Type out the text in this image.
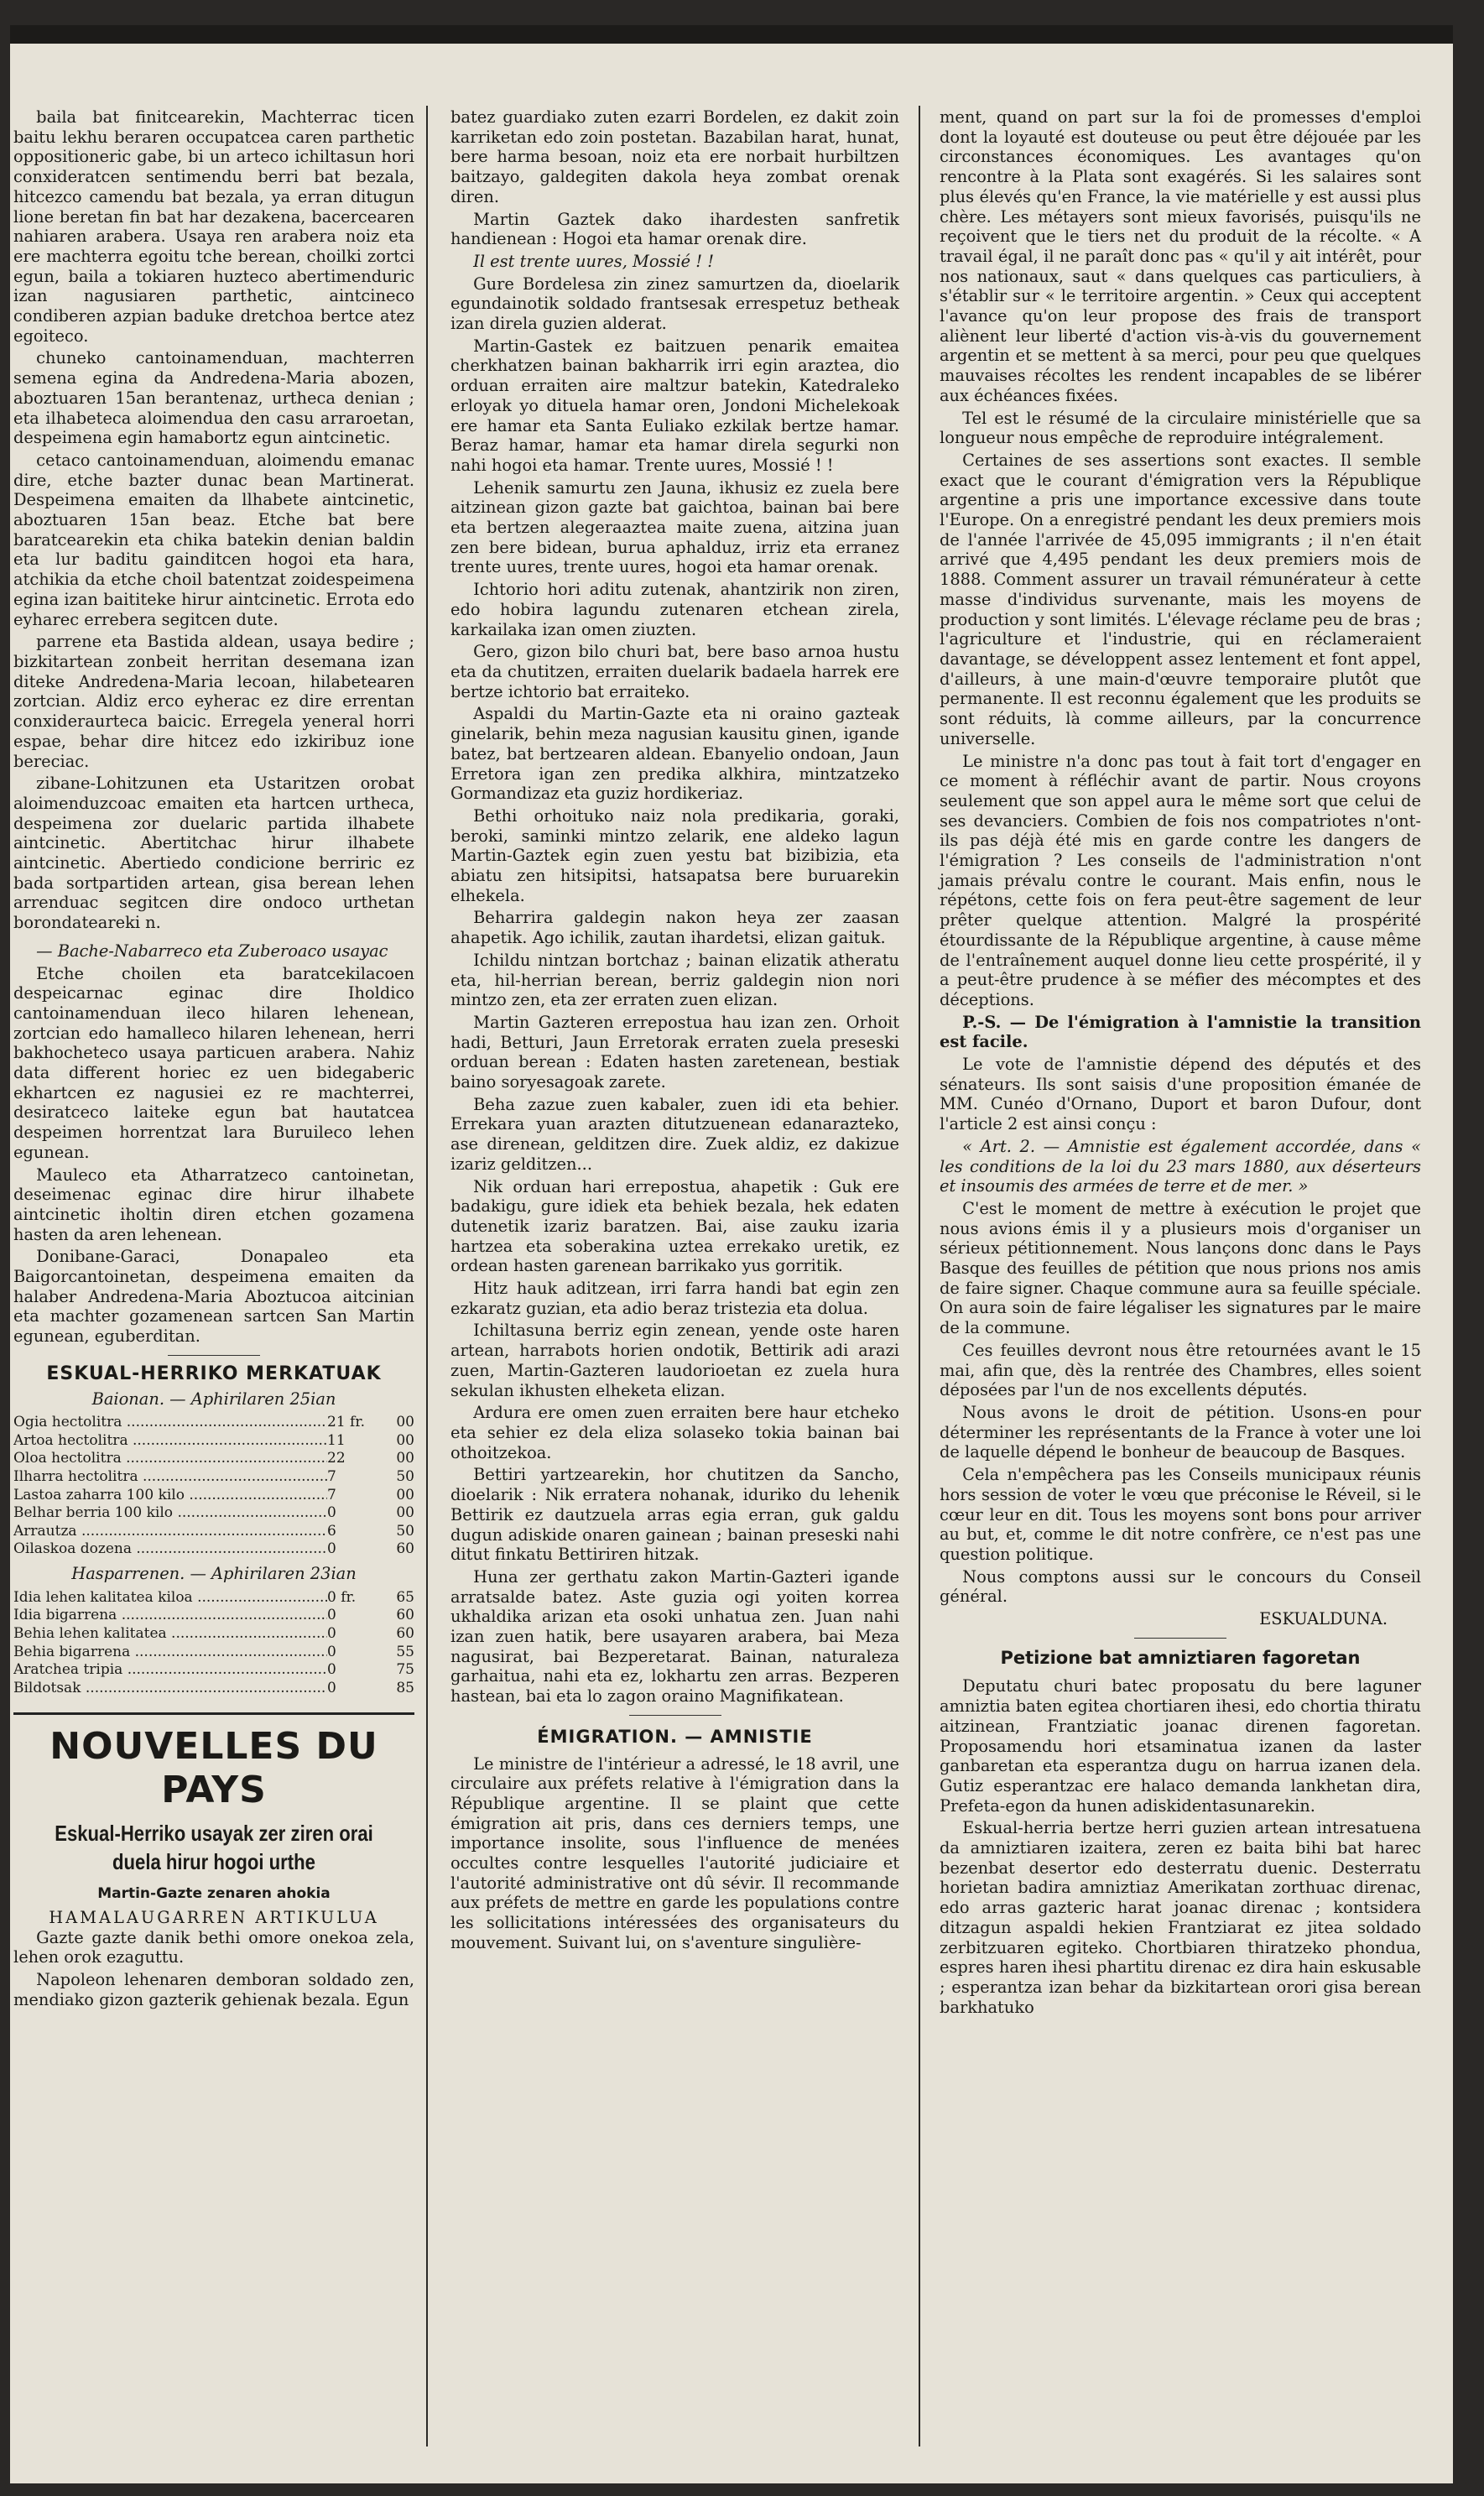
baila bat finitcearekin, Machterrac ticen baitu lekhu beraren occupatcea caren parthetic oppositioneric gabe, bi un arteco ichiltasun hori conxideratcen sentimendu berri bat bezala, hitcezco camendu bat bezala, ya erran ditugun lione beretan fin bat har dezakena, bacercearen nahiaren arabera. Usaya ren arabera noiz eta ere machterra egoitu tche berean, choilki zortci egun, baila a tokiaren huzteco abertimenduric izan nagusiaren parthetic, aintcineco condiberen azpian baduke dretchoa bertce atez egoiteco.

chuneko cantoinamenduan, machterren semena egina da Andredena-Maria abozen, aboztuaren 15an berantenaz, urtheca denian ; eta ilhabeteca aloimendua den casu arraroetan, despeimena egin hamabortz egun aintcinetic.

cetaco cantoinamenduan, aloimendu emanac dire, etche bazter dunac bean Martinerat. Despeimena emaiten da llhabete aintcinetic, aboztuaren 15an beaz. Etche bat bere baratcearekin eta chika batekin denian baldin eta lur baditu gainditcen hogoi eta hara, atchikia da etche choil batentzat zoidespeimena egina izan baititeke hirur aintcinetic. Errota edo eyharec errebera segitcen dute.

parrene eta Bastida aldean, usaya bedire ; bizkitartean zonbeit herritan desemana izan diteke Andredena-Maria lecoan, hilabetearen zortcian. Aldiz erco eyherac ez dire errentan conxideraurteca baicic. Erregela yeneral horri espae, behar dire hitcez edo izkiribuz ione bereciac.

zibane-Lohitzunen eta Ustaritzen orobat aloimenduzcoac emaiten eta hartcen urtheca, despeimena zor duelaric partida ilhabete aintcinetic. Abertitchac hirur ilhabete aintcinetic. Abertiedo condicione berriric ez bada sortpartiden artean, gisa berean lehen arrenduac segitcen dire ondoco urthetan borondateareki n.

— Bache-Nabarreco eta Zuberoaco usayac

Etche choilen eta baratcekilacoen despeicarnac eginac dire Iholdico cantoinamenduan ileco hilaren lehenean, zortcian edo hamalleco hilaren lehenean, herri bakhocheteco usaya particuen arabera. Nahiz data different horiec ez uen bidegaberic ekhartcen ez nagusiei ez re machterrei, desiratceco laiteke egun bat hautatcea despeimen horrentzat lara Buruileco lehen egunean.

Mauleco eta Atharratzeco cantoinetan, deseimenac eginac dire hirur ilhabete aintcinetic iholtin diren etchen gozamena hasten da aren lehenean.

Donibane-Garaci, Donapaleo eta Baigorcantoinetan, despeimena emaiten da halaber Andredena-Maria Aboztucoa aitcinian eta machter gozamenean sartcen San Martin egunean, eguberditan.

ESKUAL-HERRIKO MERKATUAK
Baionan. — Aphirilaren 25ian
Ogia hectolitra .....	21 fr. 00
Artoa hectolitra .....	11	00
Oloa hectolitra .....	22	00
Ilharra hectolitra .....	7	50
Lastoa zaharra 100 kilo .....	7	00
Belhar berria 100 kilo .....	0	00
Arrautza .....	6	50
Oilaskoa dozena .....	0	60
Hasparrenen. — Aphirilaren 23ian
Idia lehen kalitatea kiloa .....	0 fr.	65
Idia bigarrena .....	0	60
Behia lehen kalitatea .....	0	60
Behia bigarrena .....	0	55
Aratchea tripia .....	0	75
Bildotsak .....	0	85
NOUVELLES DU PAYS
Eskual-Herriko usayak zer ziren orai duela hirur hogoi urthe
Martin-Gazte zenaren ahokia
HAMALAUGARREN ARTIKULUA

Gazte gazte danik bethi omore onekoa zela, lehen orok ezaguttu.

Napoleon lehenaren demboran soldado zen, mendiako gizon gazterik gehienak bezala. Egun

batez guardiako zuten ezarri Bordelen, ez dakit zoin karriketan edo zoin postetan. Bazabilan harat, hunat, bere harma besoan, noiz eta ere norbait hurbiltzen baitzayo, galdegiten dakola heya zombat orenak diren.

Martin Gaztek dako ihardesten sanfretik handienean : Hogoi eta hamar orenak dire.

Il est trente uures, Mossié ! !

Gure Bordelesa zin zinez samurtzen da, dioelarik egundainotik soldado frantsesak errespetuz betheak izan direla guzien alderat.

Martin-Gastek ez baitzuen penarik emaitea cherkhatzen bainan bakharrik irri egin araztea, dio orduan erraiten aire maltzur batekin, Katedraleko erloyak yo dituela hamar oren, Jondoni Michelekoak ere hamar eta Santa Euliako ezkilak bertze hamar. Beraz hamar, hamar eta hamar direla segurki non nahi hogoi eta hamar. Trente uures, Mossié ! !

Lehenik samurtu zen Jauna, ikhusiz ez zuela bere aitzinean gizon gazte bat gaichtoa, bainan bai bere eta bertzen alegeraaztea maite zuena, aitzina juan zen bere bidean, burua aphalduz, irriz eta erranez trente uures, trente uures, hogoi eta hamar orenak.

Ichtorio hori aditu zutenak, ahantzirik non ziren, edo hobira lagundu zutenaren etchean zirela, karkailaka izan omen ziuzten.

Gero, gizon bilo churi bat, bere baso arnoa hustu eta da chutitzen, erraiten duelarik badaela harrek ere bertze ichtorio bat erraiteko.

Aspaldi du Martin-Gazte eta ni oraino gazteak ginelarik, behin meza nagusian kausitu ginen, igande batez, bat bertzearen aldean. Ebanyelio ondoan, Jaun Erretora igan zen predika alkhira, mintzatzeko Gormandizaz eta guziz hordikeriaz.

Bethi orhoituko naiz nola predikaria, goraki, beroki, saminki mintzo zelarik, ene aldeko lagun Martin-Gaztek egin zuen yestu bat bizibizia, eta abiatu zen hitsipitsi, hatsapatsa bere buruarekin elhekela.

Beharrira galdegin nakon heya zer zaasan ahapetik. Ago ichilik, zautan ihardetsi, elizan gaituk.

Ichildu nintzan bortchaz ; bainan elizatik atheratu eta, hil-herrian berean, berriz galdegin nion nori mintzo zen, eta zer erraten zuen elizan.

Martin Gazteren errepostua hau izan zen. Orhoit hadi, Betturi, Jaun Erretorak erraten zuela preseski orduan berean : Edaten hasten zaretenean, bestiak baino soryesagoak zarete.

Beha zazue zuen kabaler, zuen idi eta behier. Errekara yuan arazten ditutzuenean edanarazteko, ase direnean, gelditzen dire. Zuek aldiz, ez dakizue izariz gelditzen...

Nik orduan hari errepostua, ahapetik : Guk ere badakigu, gure idiek eta behiek bezala, hek edaten dutenetik izariz baratzen. Bai, aise zauku izaria hartzea eta soberakina uztea errekako uretik, ez ordean hasten garenean barrikako yus gorritik.

Hitz hauk aditzean, irri farra handi bat egin zen ezkaratz guzian, eta adio beraz tristezia eta dolua.

Ichiltasuna berriz egin zenean, yende oste haren artean, harrabots horien ondotik, Bettirik adi arazi zuen, Martin-Gazteren laudorioetan ez zuela hura sekulan ikhusten elheketa elizan.

Ardura ere omen zuen erraiten bere haur etcheko eta sehier ez dela eliza solaseko tokia bainan bai othoitzekoa.

Bettiri yartzearekin, hor chutitzen da Sancho, dioelarik : Nik erratera nohanak, iduriko du lehenik Bettirik ez dautzuela arras egia erran, guk galdu dugun adiskide onaren gainean ; bainan preseski nahi ditut finkatu Bettiriren hitzak.

Huna zer gerthatu zakon Martin-Gazteri igande arratsalde batez. Aste guzia ogi yoiten korrea ukhaldika arizan eta osoki unhatua zen. Juan nahi izan zuen hatik, bere usayaren arabera, bai Meza nagusirat, bai Bezperetarat. Bainan, naturaleza garhaitua, nahi eta ez, lokhartu zen arras. Bezperen hastean, bai eta lo zagon oraino Magnifikatean.

ÉMIGRATION. — AMNISTIE

Le ministre de l'intérieur a adressé, le 18 avril, une circulaire aux préfets relative à l'émigration dans la République argentine. Il se plaint que cette émigration ait pris, dans ces derniers temps, une importance insolite, sous l'influence de menées occultes contre lesquelles l'autorité judiciaire et l'autorité administrative ont dû sévir. Il recommande aux préfets de mettre en garde les populations contre les sollicitations intéressées des organisateurs du mouvement. Suivant lui, on s'aventure singulière-

ment, quand on part sur la foi de promesses d'emploi dont la loyauté est douteuse ou peut être déjouée par les circonstances économiques. Les avantages qu'on rencontre à la Plata sont exagérés. Si les salaires sont plus élevés qu'en France, la vie matérielle y est aussi plus chère. Les métayers sont mieux favorisés, puisqu'ils ne reçoivent que le tiers net du produit de la récolte. « A travail égal, il ne paraît donc pas « qu'il y ait intérêt, pour nos nationaux, saut « dans quelques cas particuliers, à s'établir sur « le territoire argentin. » Ceux qui acceptent l'avance qu'on leur propose des frais de transport aliènent leur liberté d'action vis-à-vis du gouvernement argentin et se mettent à sa merci, pour peu que quelques mauvaises récoltes les rendent incapables de se libérer aux échéances fixées.

Tel est le résumé de la circulaire ministérielle que sa longueur nous empêche de reproduire intégralement.

Certaines de ses assertions sont exactes. Il semble exact que le courant d'émigration vers la République argentine a pris une importance excessive dans toute l'Europe. On a enregistré pendant les deux premiers mois de l'année l'arrivée de 45,095 immigrants ; il n'en était arrivé que 4,495 pendant les deux premiers mois de 1888. Comment assurer un travail rémunérateur à cette masse d'individus survenante, mais les moyens de production y sont limités. L'élevage réclame peu de bras ; l'agriculture et l'industrie, qui en réclameraient davantage, se développent assez lentement et font appel, d'ailleurs, à une main-d'œuvre temporaire plutôt que permanente. Il est reconnu également que les produits se sont réduits, là comme ailleurs, par la concurrence universelle.

Le ministre n'a donc pas tout à fait tort d'engager en ce moment à réfléchir avant de partir. Nous croyons seulement que son appel aura le même sort que celui de ses devanciers. Combien de fois nos compatriotes n'ont-ils pas déjà été mis en garde contre les dangers de l'émigration ? Les conseils de l'administration n'ont jamais prévalu contre le courant. Mais enfin, nous le répétons, cette fois on fera peut-être sagement de leur prêter quelque attention. Malgré la prospérité étourdissante de la République argentine, à cause même de l'entraînement auquel donne lieu cette prospérité, il y a peut-être prudence à se méfier des mécomptes et des déceptions.

P.-S. — De l'émigration à l'amnistie la transition est facile.

Le vote de l'amnistie dépend des députés et des sénateurs. Ils sont saisis d'une proposition émanée de MM. Cunéo d'Ornano, Duport et baron Dufour, dont l'article 2 est ainsi conçu :

« Art. 2. — Amnistie est également accordée, dans « les conditions de la loi du 23 mars 1880, aux déserteurs et insoumis des armées de terre et de mer. »

C'est le moment de mettre à exécution le projet que nous avions émis il y a plusieurs mois d'organiser un sérieux pétitionnement. Nous lançons donc dans le Pays Basque des feuilles de pétition que nous prions nos amis de faire signer. Chaque commune aura sa feuille spéciale. On aura soin de faire légaliser les signatures par le maire de la commune.

Ces feuilles devront nous être retournées avant le 15 mai, afin que, dès la rentrée des Chambres, elles soient déposées par l'un de nos excellents députés.

Nous avons le droit de pétition. Usons-en pour déterminer les représentants de la France à voter une loi de laquelle dépend le bonheur de beaucoup de Basques.

Cela n'empêchera pas les Conseils municipaux réunis hors session de voter le vœu que préconise le Réveil, si le cœur leur en dit. Tous les moyens sont bons pour arriver au but, et, comme le dit notre confrère, ce n'est pas une question politique.

Nous comptons aussi sur le concours du Conseil général.

ESKUALDUNA.

Petizione bat amniztiaren fagoretan

Deputatu churi batec proposatu du bere laguner amniztia baten egitea chortiaren ihesi, edo chortia thiratu aitzinean, Frantziatic joanac direnen fagoretan. Proposamendu hori etsaminatua izanen da laster ganbaretan eta esperantza dugu on harrua izanen dela. Gutiz esperantzac ere halaco demanda lankhetan dira, Prefeta-egon da hunen adiskidentasunarekin.

Eskual-herria bertze herri guzien artean intresatuena da amniztiaren izaitera, zeren ez baita bihi bat harec bezenbat desertor edo desterratu duenic. Desterratu horietan badira amniztiaz Amerikatan zorthuac direnac, edo arras gazteric harat joanac direnac ; kontsidera ditzagun aspaldi hekien Frantziarat ez jitea soldado zerbitzuaren egiteko. Chortbiaren thiratzeko phondua, espres haren ihesi phartitu direnac ez dira hain eskusable ; esperantza izan behar da bizkitartean orori gisa berean barkhatuko
